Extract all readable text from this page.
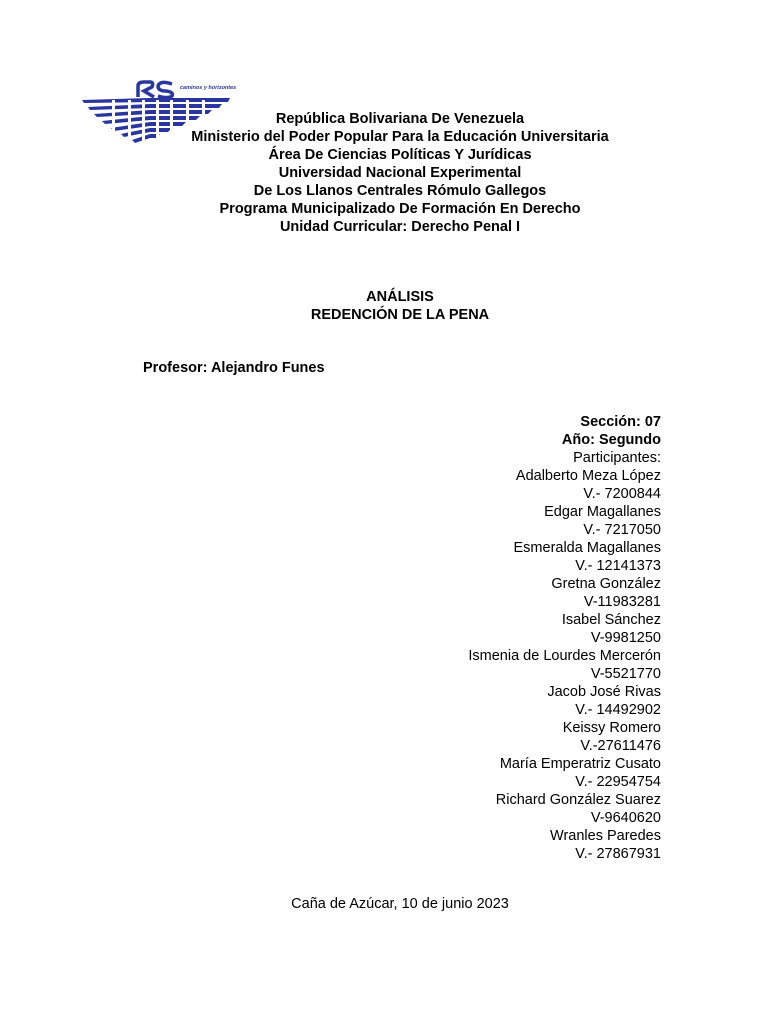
caminos y horizontes
República Bolivariana De Venezuela
Ministerio del Poder Popular Para la Educación Universitaria
Área De Ciencias Políticas Y Jurídicas
Universidad Nacional Experimental
De Los Llanos Centrales Rómulo Gallegos
Programa Municipalizado De Formación En Derecho
Unidad Curricular: Derecho Penal I
ANÁLISIS
REDENCIÓN DE LA PENA
Profesor: Alejandro Funes
Sección: 07
Año: Segundo
Participantes:
Adalberto Meza López
V.- 7200844
Edgar Magallanes
V.- 7217050
Esmeralda Magallanes
V.- 12141373
Gretna González
V-11983281
Isabel Sánchez
V-9981250
Ismenia de Lourdes Mercerón
V-5521770
Jacob José Rivas
V.- 14492902
Keissy Romero
V.-27611476
María Emperatriz Cusato
V.- 22954754
Richard González Suarez
V-9640620
Wranles Paredes
V.- 27867931
Caña de Azúcar, 10 de junio 2023
